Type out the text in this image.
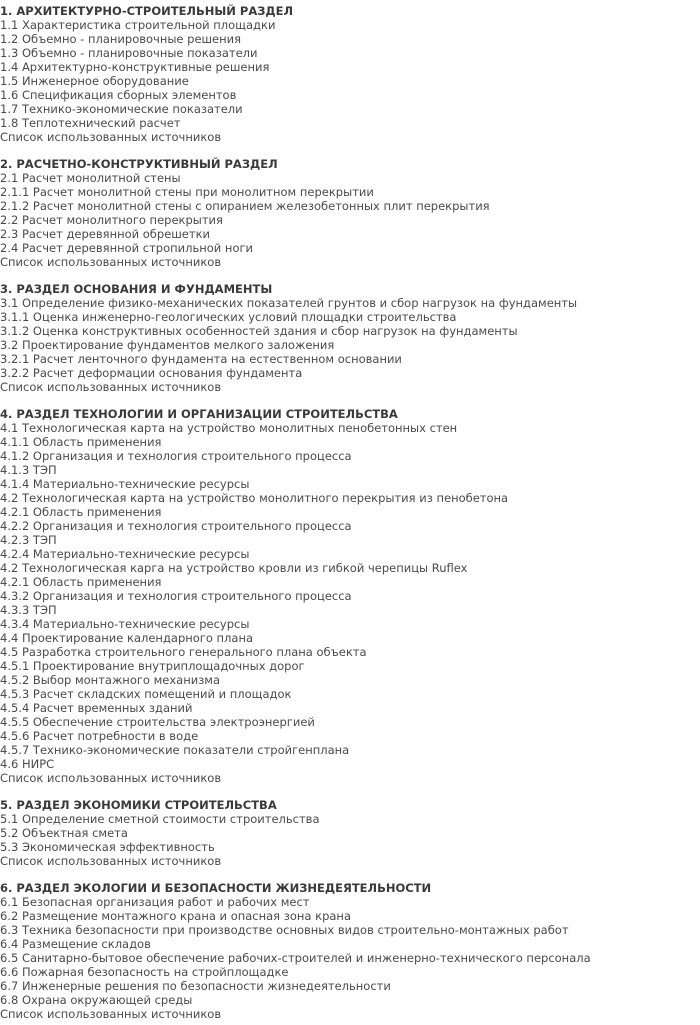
1. АРХИТЕКТУРНО-СТРОИТЕЛЬНЫЙ РАЗДЕЛ
1.1 Характеристика строительной площадки
1.2 Объемно - планировочные решения
1.3 Объемно - планировочные показатели
1.4 Архитектурно-конструктивные решения
1.5 Инженерное оборудование
1.6 Спецификация сборных элементов
1.7 Технико-экономические показатели
1.8 Теплотехнический расчет
Список использованных источников
2. РАСЧЕТНО-КОНСТРУКТИВНЫЙ РАЗДЕЛ
2.1 Расчет монолитной стены
2.1.1 Расчет монолитной стены при монолитном перекрытии
2.1.2 Расчет монолитной стены с опиранием железобетонных плит перекрытия
2.2 Расчет монолитного перекрытия
2.3 Расчет деревянной обрешетки
2.4 Расчет деревянной стропильной ноги
Список использованных источников
3. РАЗДЕЛ ОСНОВАНИЯ И ФУНДАМЕНТЫ
3.1 Определение физико-механических показателей грунтов и сбор нагрузок на фундаменты
3.1.1 Оценка инженерно-геологических условий площадки строительства
3.1.2 Оценка конструктивных особенностей здания и сбор нагрузок на фундаменты
3.2 Проектирование фундаментов мелкого заложения
3.2.1 Расчет ленточного фундамента на естественном основании
3.2.2 Расчет деформации основания фундамента
Список использованных источников
4. РАЗДЕЛ ТЕХНОЛОГИИ И ОРГАНИЗАЦИИ СТРОИТЕЛЬСТВА
4.1 Технологическая карта на устройство монолитных пенобетонных стен
4.1.1 Область применения
4.1.2 Организация и технология строительного процесса
4.1.3 ТЭП
4.1.4 Материально-технические ресурсы
4.2 Технологическая карта на устройство монолитного перекрытия из пенобетона
4.2.1 Область применения
4.2.2 Организация и технология строительного процесса
4.2.3 ТЭП
4.2.4 Материально-технические ресурсы
4.2 Технологическая карга на устройство кровли из гибкой черепицы Ruflex
4.2.1 Область применения
4.3.2 Организация и технология строительного процесса
4.3.3 ТЭП
4.3.4 Материально-технические ресурсы
4.4 Проектирование календарного плана
4.5 Разработка строительного генерального плана объекта
4.5.1 Проектирование внутриплощадочных дорог
4.5.2 Выбор монтажного механизма
4.5.3 Расчет складских помещений и площадок
4.5.4 Расчет временных зданий
4.5.5 Обеспечение строительства электроэнергией
4.5.6 Расчет потребности в воде
4.5.7 Технико-экономические показатели стройгенплана
4.6 НИРС
Список использованных источников
5. РАЗДЕЛ ЭКОНОМИКИ СТРОИТЕЛЬСТВА
5.1 Определение сметной стоимости строительства
5.2 Объектная смета
5.3 Экономическая эффективность
Список использованных источников
6. РАЗДЕЛ ЭКОЛОГИИ И БЕЗОПАСНОСТИ ЖИЗНЕДЕЯТЕЛЬНОСТИ
6.1 Безопасная организация работ и рабочих мест
6.2 Размещение монтажного крана и опасная зона крана
6.3 Техника безопасности при производстве основных видов строительно-монтажных работ
6.4 Размещение складов
6.5 Санитарно-бытовое обеспечение рабочих-строителей и инженерно-технического персонала
6.6 Пожарная безопасность на стройплощадке
6.7 Инженерные решения по безопасности жизнедеятельности
6.8 Охрана окружающей среды
Список использованных источников
